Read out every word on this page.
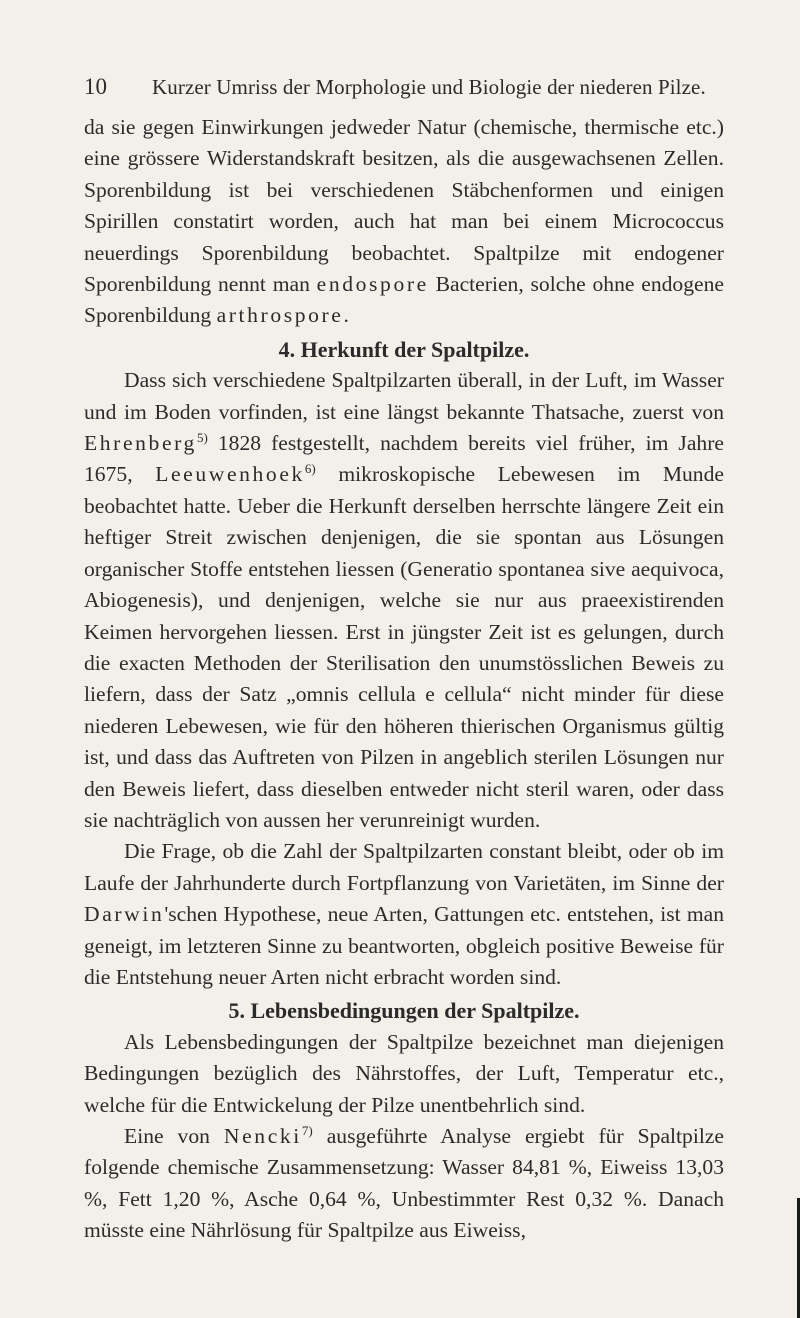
10 Kurzer Umriss der Morphologie und Biologie der niederen Pilze.

da sie gegen Einwirkungen jedweder Natur (chemische, thermische etc.) eine grössere Widerstandskraft besitzen, als die ausgewachsenen Zellen. Sporenbildung ist bei verschiedenen Stäbchenformen und einigen Spirillen constatirt worden, auch hat man bei einem Micrococcus neuerdings Sporenbildung beobachtet. Spaltpilze mit endogener Sporenbildung nennt man endospore Bacterien, solche ohne endogene Sporenbildung arthrospore.

4. Herkunft der Spaltpilze.

Dass sich verschiedene Spaltpilzarten überall, in der Luft, im Wasser und im Boden vorfinden, ist eine längst bekannte Thatsache, zuerst von Ehrenberg$^{5)}$ 1828 festgestellt, nachdem bereits viel früher, im Jahre 1675, Leeuwenhoek$^{6)}$ mikroskopische Lebewesen im Munde beobachtet hatte. Ueber die Herkunft derselben herrschte längere Zeit ein heftiger Streit zwischen denjenigen, die sie spontan aus Lösungen organischer Stoffe entstehen liessen (Generatio spontanea sive aequivoca, Abiogenesis), und denjenigen, welche sie nur aus praeexistirenden Keimen hervorgehen liessen. Erst in jüngster Zeit ist es gelungen, durch die exacten Methoden der Sterilisation den unumstösslichen Beweis zu liefern, dass der Satz „omnis cellula e cellula“ nicht minder für diese niederen Lebewesen, wie für den höheren thierischen Organismus gültig ist, und dass das Auftreten von Pilzen in angeblich sterilen Lösungen nur den Beweis liefert, dass dieselben entweder nicht steril waren, oder dass sie nachträglich von aussen her verunreinigt wurden.

Die Frage, ob die Zahl der Spaltpilzarten constant bleibt, oder ob im Laufe der Jahrhunderte durch Fortpflanzung von Varietäten, im Sinne der Darwin'schen Hypothese, neue Arten, Gattungen etc. entstehen, ist man geneigt, im letzteren Sinne zu beantworten, obgleich positive Beweise für die Entstehung neuer Arten nicht erbracht worden sind.

5. Lebensbedingungen der Spaltpilze.

Als Lebensbedingungen der Spaltpilze bezeichnet man diejenigen Bedingungen bezüglich des Nährstoffes, der Luft, Temperatur etc., welche für die Entwickelung der Pilze unentbehrlich sind.

Eine von Nencki$^{7)}$ ausgeführte Analyse ergiebt für Spaltpilze folgende chemische Zusammensetzung: Wasser 84,81 %, Eiweiss 13,03 %, Fett 1,20 %, Asche 0,64 %, Unbestimmter Rest 0,32 %. Danach müsste eine Nährlösung für Spaltpilze aus Eiweiss,
